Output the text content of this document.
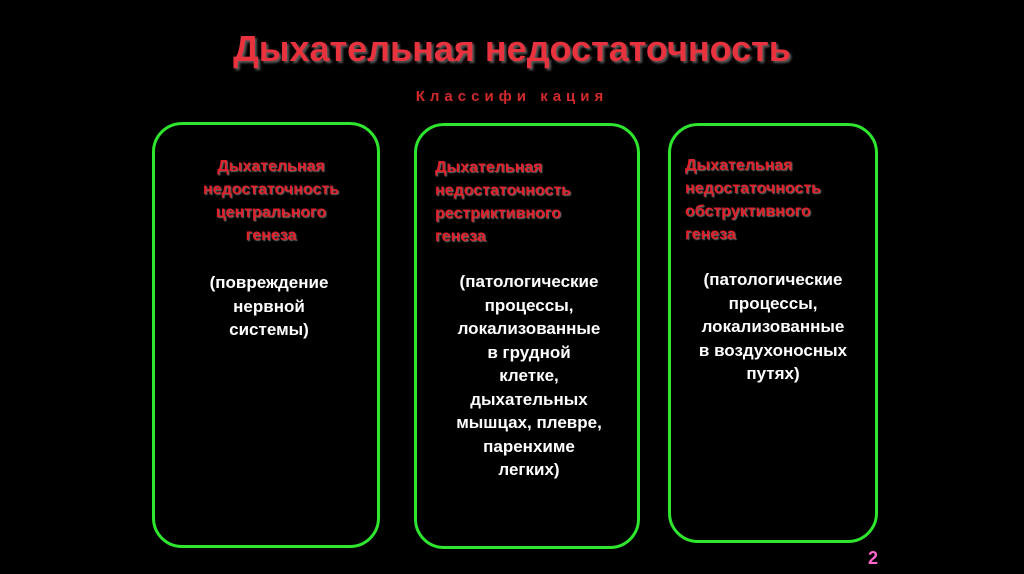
Дыхательная недостаточность
Классифи кация
Дыхательная
недостаточность
центрального
генеза
(повреждение
нервной
системы)
Дыхательная
недостаточность
рестриктивного
генеза
(патологические
процессы,
локализованные
в грудной
клетке,
дыхательных
мышцах, плевре,
паренхиме
легких)
Дыхательная
недостаточность
обструктивного
генеза
(патологические
процессы,
локализованные
в воздухоносных
путях)
2
